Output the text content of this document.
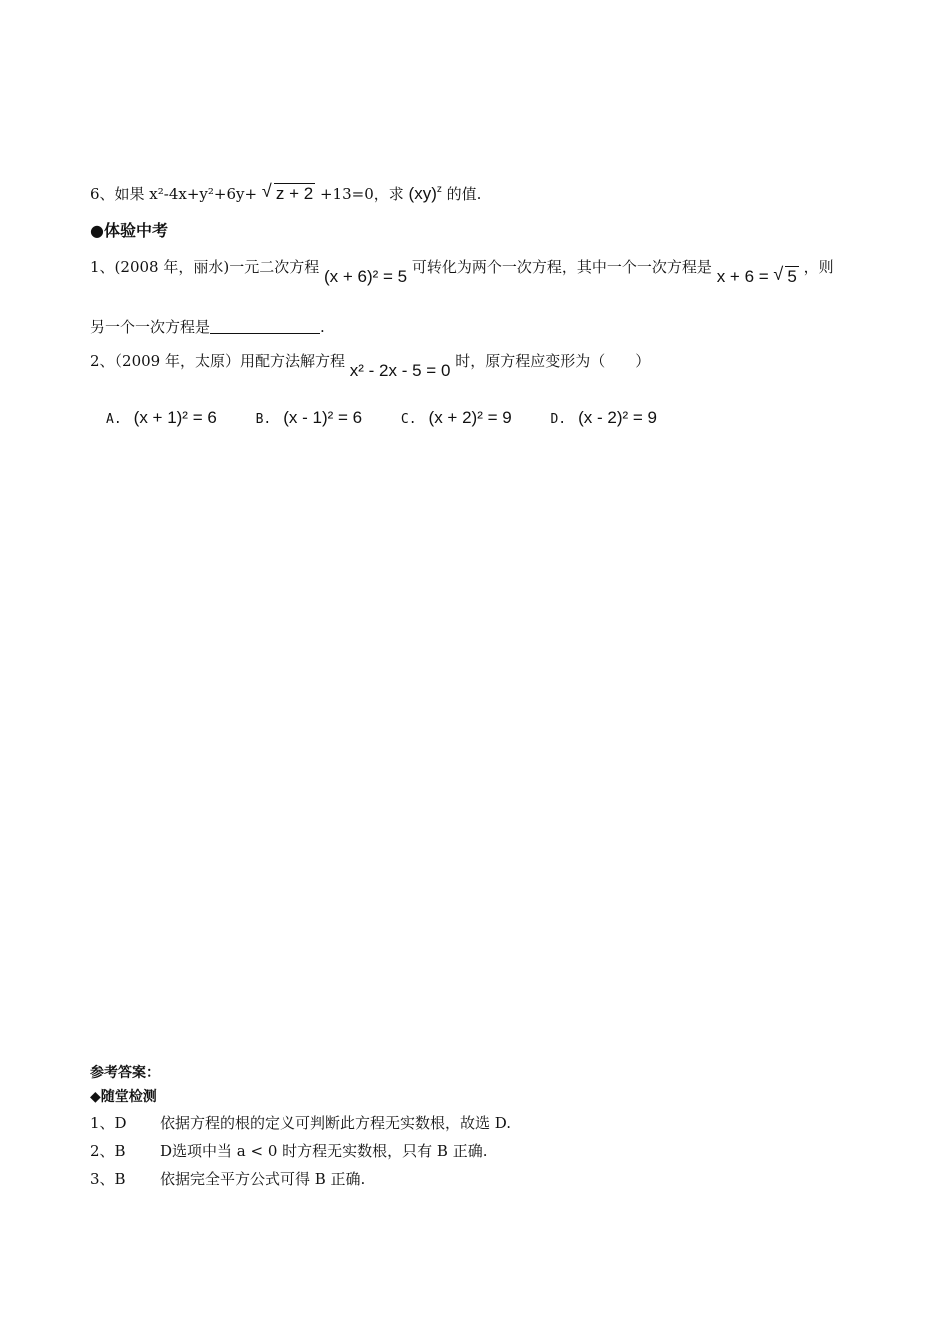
6、如果 x²-4x+y²+6y+ √ z + 2 +13=0，求 (xy)$^z$ 的值.
●体验中考
1、(2008 年，丽水)一元二次方程 (x + 6)² = 5 可转化为两个一次方程，其中一个一次方程是 x + 6 = √ 5 ，则
另一个一次方程是	.
2、（2009 年，太原）用配方法解方程 x² - 2x - 5 = 0 时，原方程应变形为（　　）
A. (x + 1)² = 6	B. (x - 1)² = 6	C. (x + 2)² = 9	D. (x - 2)² = 9
参考答案：
◆随堂检测
1、D 依据方程的根的定义可判断此方程无实数根，故选 D.
2、B D选项中当 a < 0 时方程无实数根，只有 B 正确.
3、B 依据完全平方公式可得 B 正确.
